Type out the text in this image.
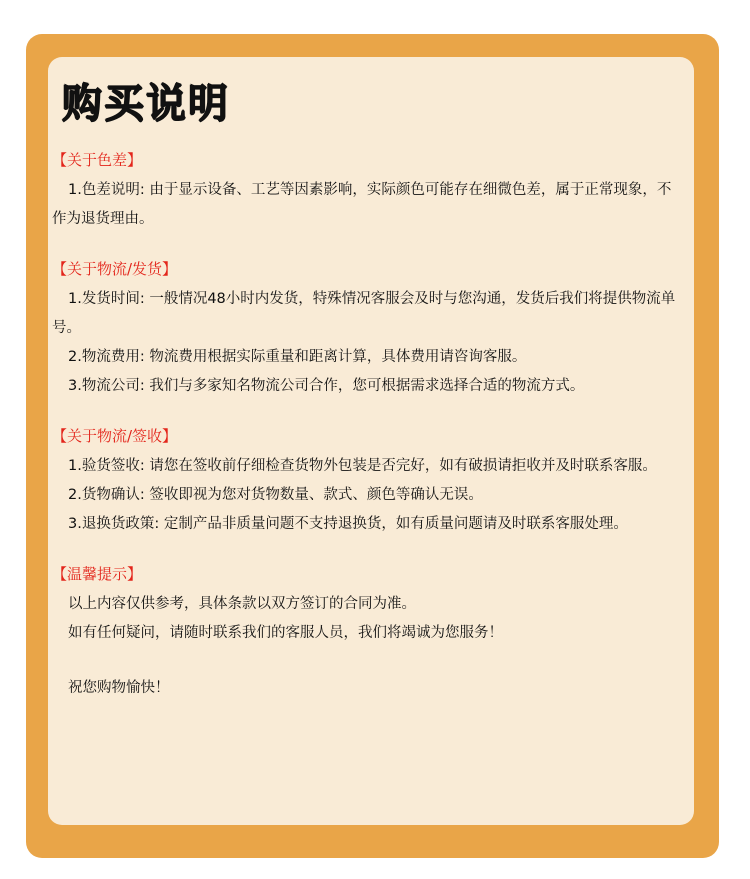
购买说明
【关于色差】

1.色差说明: 由于显示设备、工艺等因素影响，实际颜色可能存在细微色差，属于正常现象，不作为退货理由。

【关于物流/发货】

1.发货时间: 一般情况48小时内发货，特殊情况客服会及时与您沟通，发货后我们将提供物流单号。

2.物流费用: 物流费用根据实际重量和距离计算，具体费用请咨询客服。

3.物流公司: 我们与多家知名物流公司合作，您可根据需求选择合适的物流方式。

【关于物流/签收】

1.验货签收: 请您在签收前仔细检查货物外包装是否完好，如有破损请拒收并及时联系客服。

2.货物确认: 签收即视为您对货物数量、款式、颜色等确认无误。

3.退换货政策: 定制产品非质量问题不支持退换货，如有质量问题请及时联系客服处理。

【温馨提示】

以上内容仅供参考，具体条款以双方签订的合同为准。

如有任何疑问，请随时联系我们的客服人员，我们将竭诚为您服务！

祝您购物愉快！
